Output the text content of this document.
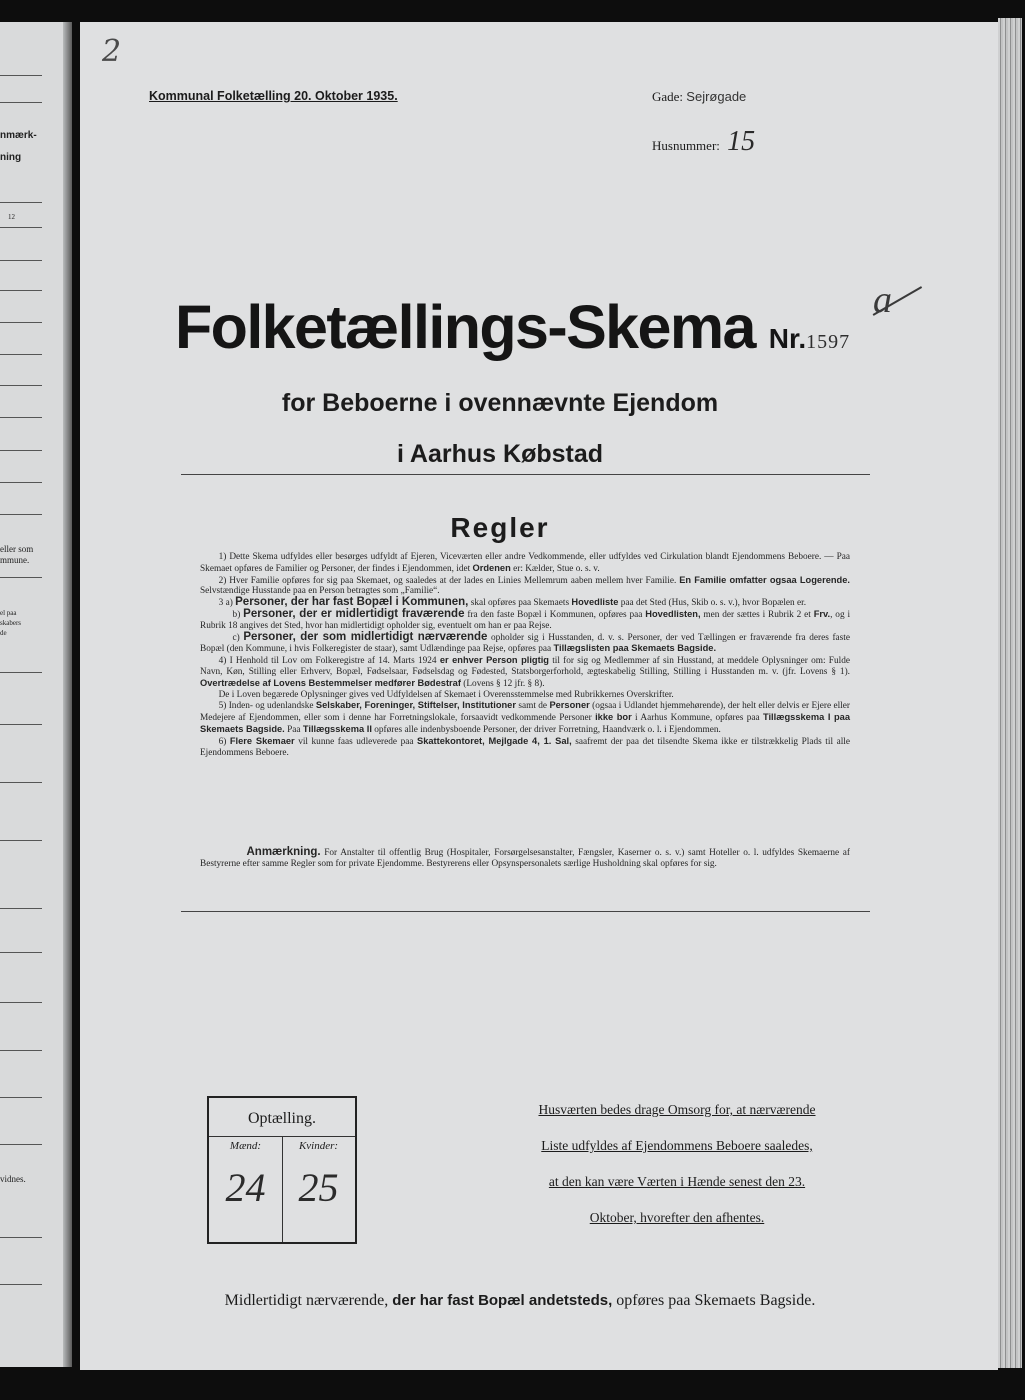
nmærk-
ning
12
eller som
mmune.
el paa
skabers
de
vidnes.
2
Kommunal Folketælling 20. Oktober 1935.	Gade: Sejrøgade
Husnummer: 15
Folketællings-Skema Nr.1597
a
for Beboerne i ovennævnte Ejendom
i Aarhus Købstad
Regler

  1) Dette Skema udfyldes eller besørges udfyldt af Ejeren, Viceværten eller andre Vedkommende, eller udfyldes ved Cirkulation blandt Ejendommens Beboere. — Paa Skemaet opføres de Familier og Personer, der findes i Ejendommen, idet Ordenen er: Kælder, Stue o. s. v.

  2) Hver Familie opføres for sig paa Skemaet, og saaledes at der lades en Linies Mellemrum aaben mellem hver Familie. En Familie omfatter ogsaa Logerende. Selvstændige Husstande paa en Person betragtes som „Familie“.

  3 a) Personer, der har fast Bopæl i Kommunen, skal opføres paa Skemaets Hovedliste paa det Sted (Hus, Skib o. s. v.), hvor Bopælen er.

    b) Personer, der er midlertidigt fraværende fra den faste Bopæl i Kommunen, opføres paa Hovedlisten, men der sættes i Rubrik 2 et Frv., og i Rubrik 18 angives det Sted, hvor han midlertidigt opholder sig, eventuelt om han er paa Rejse.

    c) Personer, der som midlertidigt nærværende opholder sig i Husstanden, d. v. s. Personer, der ved Tællingen er fraværende fra deres faste Bopæl (den Kommune, i hvis Folkeregister de staar), samt Udlændinge paa Rejse, opføres paa Tillægslisten paa Skemaets Bagside.

  4) I Henhold til Lov om Folkeregistre af 14. Marts 1924 er enhver Person pligtig til for sig og Medlemmer af sin Husstand, at meddele Oplysninger om: Fulde Navn, Køn, Stilling eller Erhverv, Bopæl, Fødselsaar, Fødselsdag og Fødested, Statsborgerforhold, ægteskabelig Stilling, Stilling i Husstanden m. v. (jfr. Lovens § 1). Overtrædelse af Lovens Bestemmelser medfører Bødestraf (Lovens § 12 jfr. § 8).

  De i Loven begærede Oplysninger gives ved Udfyldelsen af Skemaet i Overensstemmelse med Rubrikkernes Overskrifter.

  5) Inden- og udenlandske Selskaber, Foreninger, Stiftelser, Institutioner samt de Personer (ogsaa i Udlandet hjemmehørende), der helt eller delvis er Ejere eller Medejere af Ejendommen, eller som i denne har Forretningslokale, forsaavidt vedkommende Personer ikke bor i Aarhus Kommune, opføres paa Tillægsskema I paa Skemaets Bagside. Paa Tillægsskema II opføres alle indenbysboende Personer, der driver Forretning, Haandværk o. l. i Ejendommen.

  6) Flere Skemaer vil kunne faas udleverede paa Skattekontoret, Mejlgade 4, 1. Sal, saafremt der paa det tilsendte Skema ikke er tilstrækkelig Plads til alle Ejendommens Beboere.

     Anmærkning. For Anstalter til offentlig Brug (Hospitaler, Forsørgelsesanstalter, Fængsler, Kaserner o. s. v.) samt Hoteller o. l. udfyldes Skemaerne af Bestyrerne efter samme Regler som for private Ejendomme. Bestyrerens eller Opsynspersonalets særlige Husholdning skal opføres for sig.
Optælling.
Mænd:	Kvinder:
24 25
Husværten bedes drage Omsorg for, at nærværende
Liste udfyldes af Ejendommens Beboere saaledes,
at den kan være Værten i Hænde senest den 23.
Oktober, hvorefter den afhentes.
Midlertidigt nærværende, der har fast Bopæl andetsteds, opføres paa Skemaets Bagside.
